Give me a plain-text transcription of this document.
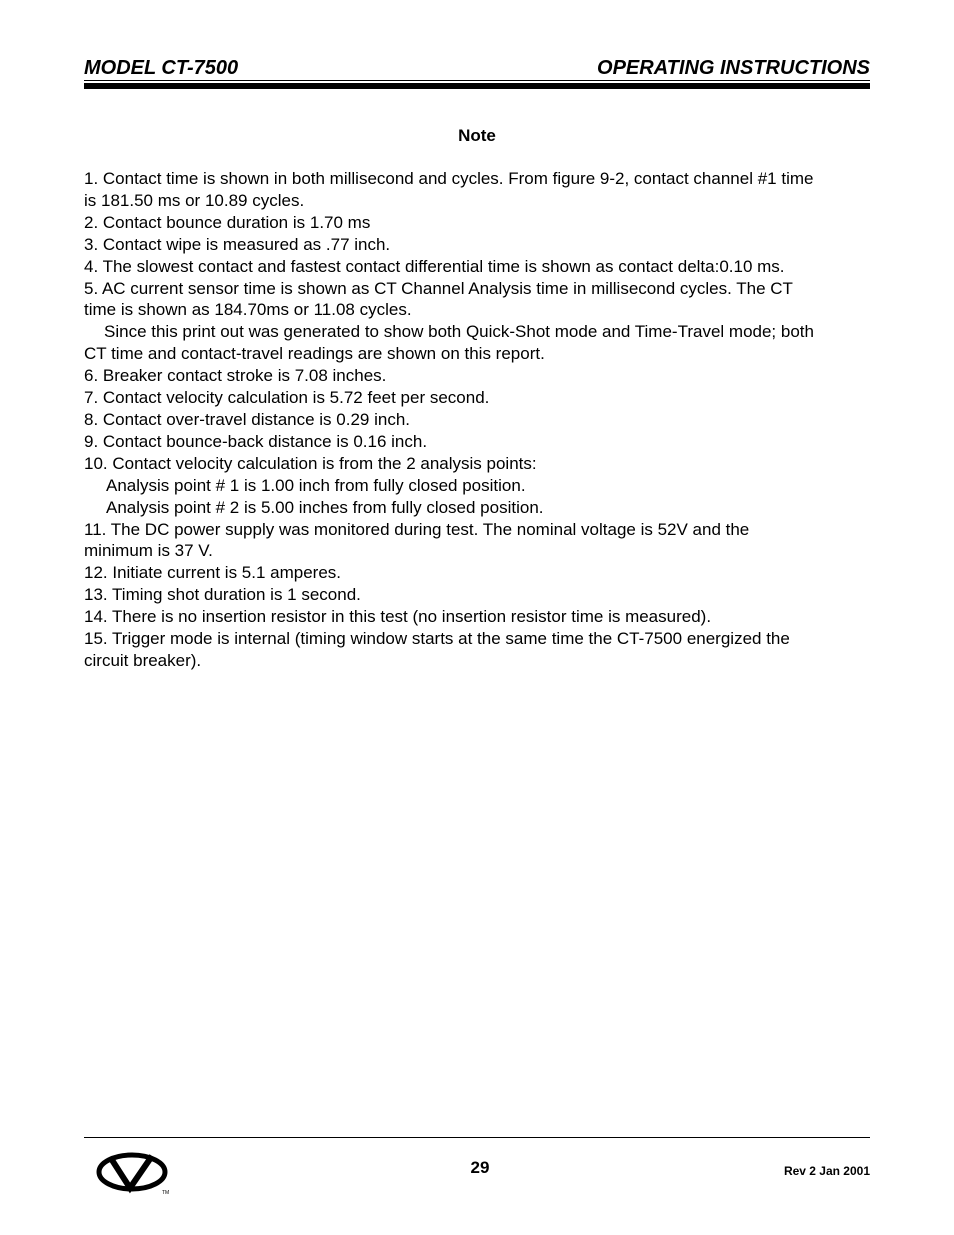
MODEL CT-7500	OPERATING INSTRUCTIONS
Note
1. Contact time is shown in both millisecond and cycles. From figure 9-2, contact channel #1 time
is 181.50 ms or 10.89 cycles.
2. Contact bounce duration is 1.70 ms
3. Contact wipe is measured as .77 inch.
4. The slowest contact and fastest contact differential time is shown as contact delta:0.10 ms.
5. AC current sensor time is shown as CT Channel Analysis time in millisecond cycles. The CT
time is shown as 184.70ms or 11.08 cycles.
Since this print out was generated to show both Quick-Shot mode and Time-Travel mode; both
CT time and contact-travel readings are shown on this report.
6. Breaker contact stroke is 7.08 inches.
7. Contact velocity calculation is 5.72 feet per second.
8. Contact over-travel distance is 0.29 inch.
9. Contact bounce-back distance is 0.16 inch.
10. Contact velocity calculation is from the 2 analysis points:
Analysis point # 1 is 1.00 inch from fully closed position.
Analysis point # 2 is 5.00 inches from fully closed position.
11. The DC power supply was monitored during test. The nominal voltage is 52V and the
minimum is 37 V.
12. Initiate current is 5.1 amperes.
13. Timing shot duration is 1 second.
14. There is no insertion resistor in this test (no insertion resistor time is measured).
15. Trigger mode is internal (timing window starts at the same time the CT-7500 energized the
circuit breaker).
TM
29	Rev 2 Jan 2001
